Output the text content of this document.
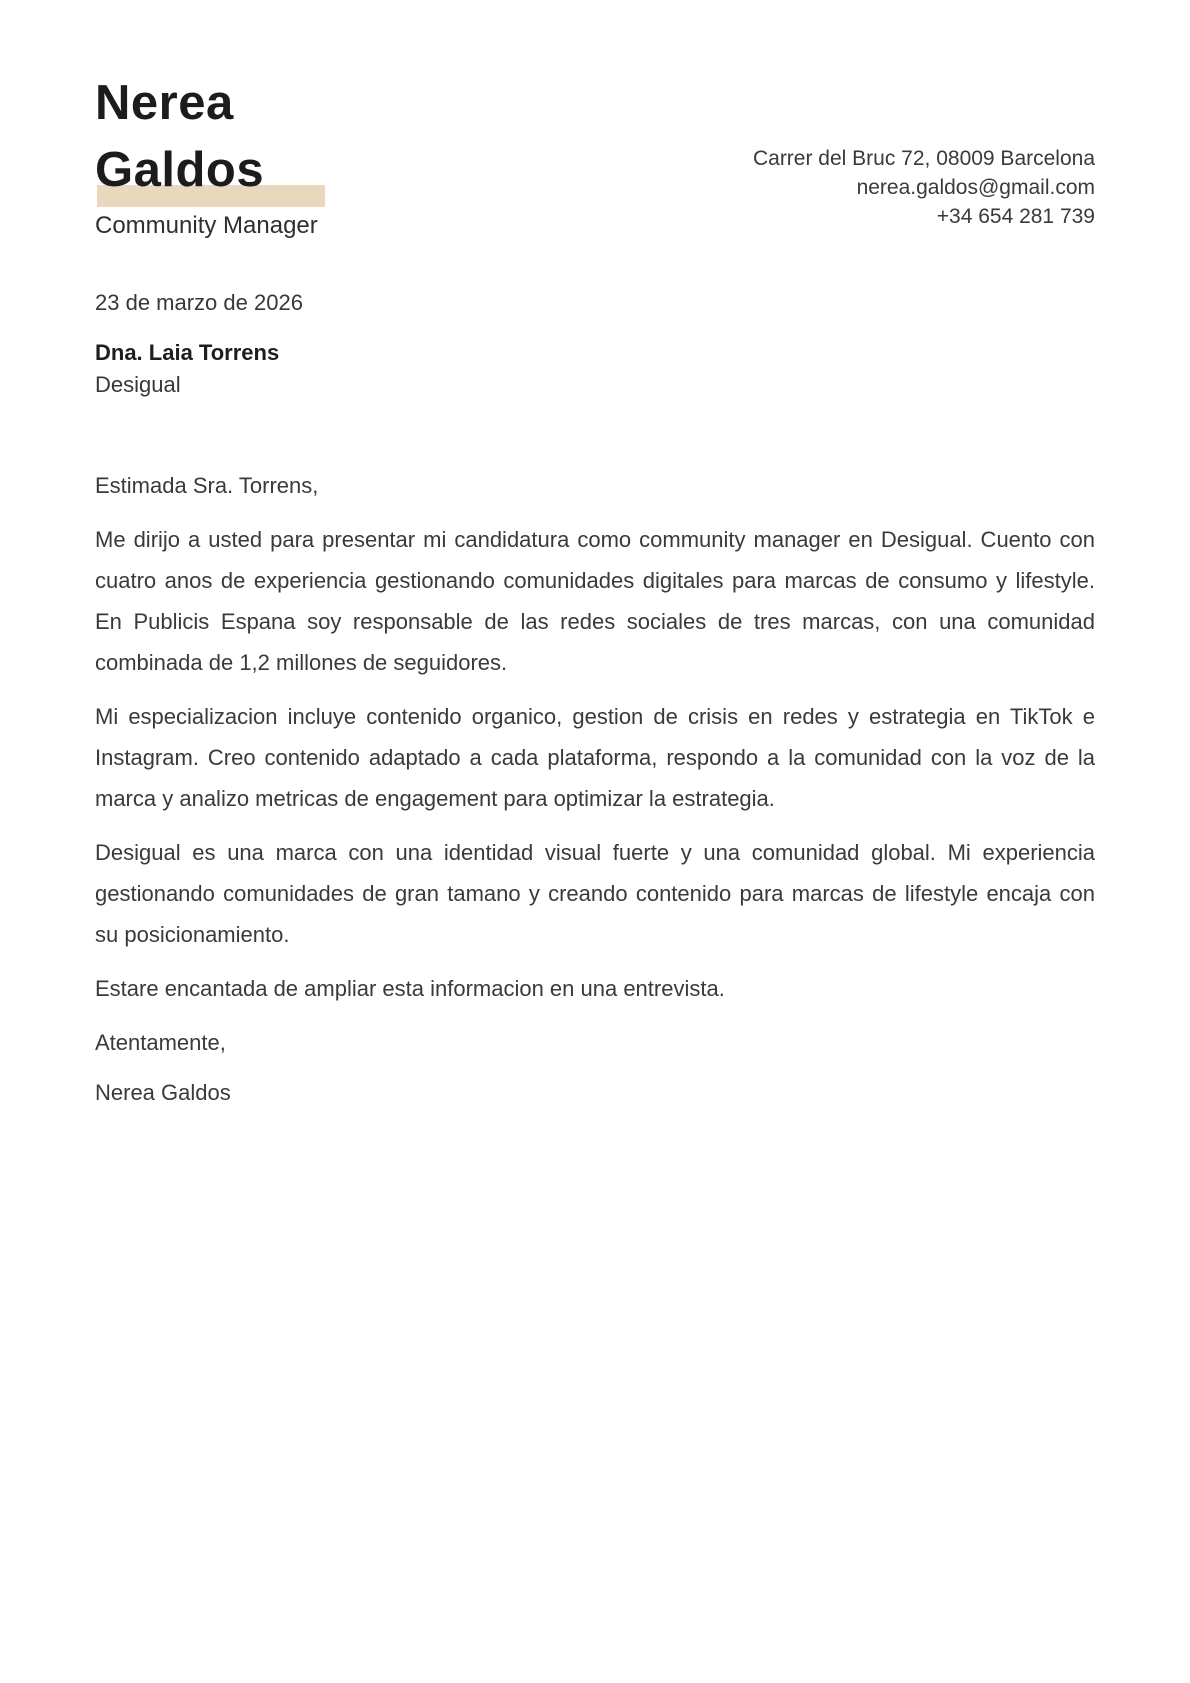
Nerea
Galdos
Community Manager
Carrer del Bruc 72, 08009 Barcelona
nerea.galdos@gmail.com
+34 654 281 739
23 de marzo de 2026
Dna. Laia Torrens
Desigual

Estimada Sra. Torrens,

Me dirijo a usted para presentar mi candidatura como community manager en Desigual. Cuento con cuatro anos de experiencia gestionando comunidades digitales para marcas de consumo y lifestyle. En Publicis Espana soy responsable de las redes sociales de tres marcas, con una comunidad combinada de 1,2 millones de seguidores.

Mi especializacion incluye contenido organico, gestion de crisis en redes y estrategia en TikTok e Instagram. Creo contenido adaptado a cada plataforma, respondo a la comunidad con la voz de la marca y analizo metricas de engagement para optimizar la estrategia.

Desigual es una marca con una identidad visual fuerte y una comunidad global. Mi experiencia gestionando comunidades de gran tamano y creando contenido para marcas de lifestyle encaja con su posicionamiento.

Estare encantada de ampliar esta informacion en una entrevista.

Atentamente,

Nerea Galdos
